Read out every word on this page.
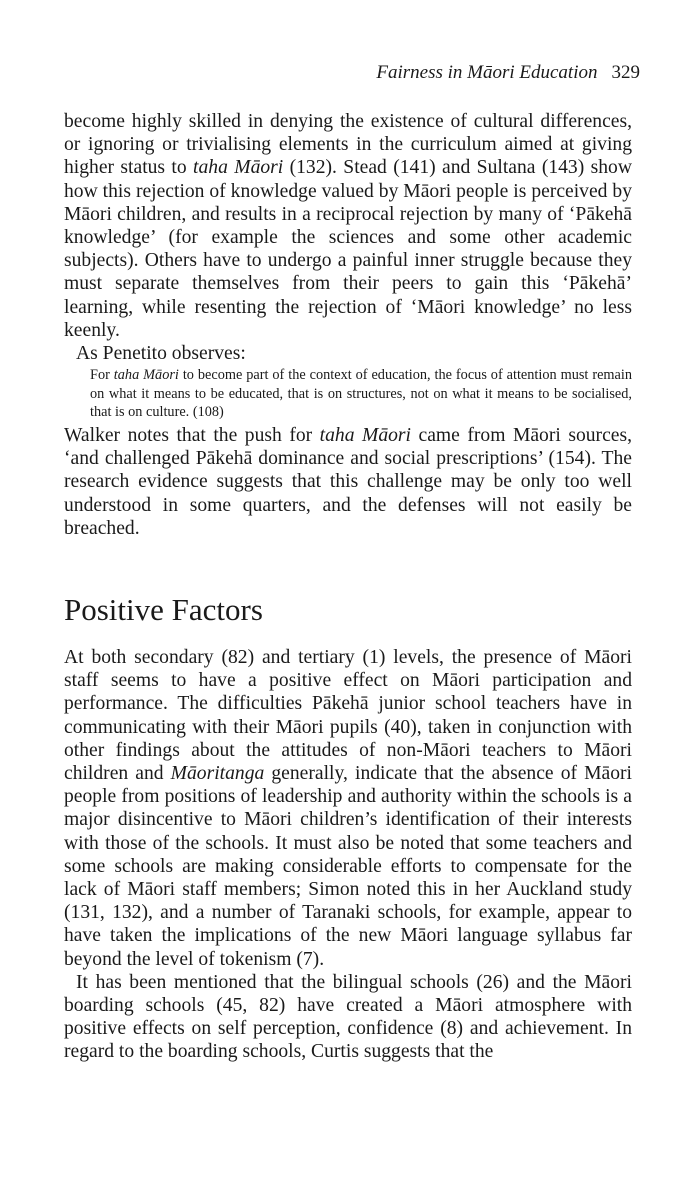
Fairness in Māori Education 329

become highly skilled in denying the existence of cultural differences, or ignoring or trivialising elements in the curriculum aimed at giving higher status to taha Māori (132). Stead (141) and Sultana (143) show how this rejection of knowledge valued by Māori people is perceived by Māori children, and results in a reciprocal rejection by many of ‘Pākehā knowledge’ (for example the sciences and some other academic subjects). Others have to undergo a painful inner struggle because they must separate themselves from their peers to gain this ‘Pākehā’ learning, while resenting the rejection of ‘Māori knowledge’ no less keenly.

As Penetito observes:

For taha Māori to become part of the context of education, the focus of attention must remain on what it means to be educated, that is on structures, not on what it means to be socialised, that is on culture. (108)

Walker notes that the push for taha Māori came from Māori sources, ‘and challenged Pākehā dominance and social prescriptions’ (154). The research evidence suggests that this challenge may be only too well understood in some quarters, and the defenses will not easily be breached.

Positive Factors

At both secondary (82) and tertiary (1) levels, the presence of Māori staff seems to have a positive effect on Māori participation and performance. The difficulties Pākehā junior school teachers have in communicating with their Māori pupils (40), taken in conjunction with other findings about the attitudes of non-Māori teachers to Māori children and Māoritanga generally, indicate that the absence of Māori people from positions of leadership and authority within the schools is a major disincentive to Māori children’s identification of their interests with those of the schools. It must also be noted that some teachers and some schools are making considerable efforts to compensate for the lack of Māori staff members; Simon noted this in her Auckland study (131, 132), and a number of Taranaki schools, for example, appear to have taken the implications of the new Māori language syllabus far beyond the level of tokenism (7).

It has been mentioned that the bilingual schools (26) and the Māori boarding schools (45, 82) have created a Māori atmosphere with positive effects on self perception, confidence (8) and achievement. In regard to the boarding schools, Curtis suggests that the
